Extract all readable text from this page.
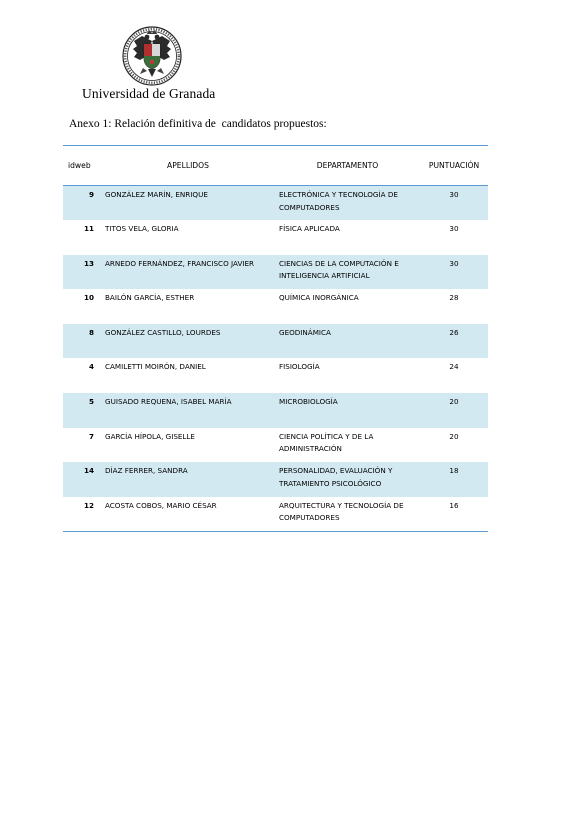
Universidad de Granada
Anexo 1: Relación definitiva de  candidatos propuestos:
idweb	APELLIDOS	DEPARTAMENTO	PUNTUACIÓN
9	GONZÁLEZ MARÍN, ENRIQUE	ELECTRÓNICA Y TECNOLOGÍA DE COMPUTADORES	30
11	TITOS VELA, GLORIA	FÍSICA APLICADA	30
13	ARNEDO FERNÁNDEZ, FRANCISCO JAVIER	CIENCIAS DE LA COMPUTACIÓN E INTELIGENCIA ARTIFICIAL	30
10	BAILÓN GARCÍA, ESTHER	QUÍMICA INORGÁNICA	28
8	GONZÁLEZ CASTILLO, LOURDES	GEODINÁMICA	26
4	CAMILETTI MOIRÓN, DANIEL	FISIOLOGÍA	24
5	GUISADO REQUENA, ISABEL MARÍA	MICROBIOLOGÍA	20
7	GARCÍA HÍPOLA, GISELLE	CIENCIA POLÍTICA Y DE LA ADMINISTRACIÓN	20
14	DÍAZ FERRER, SANDRA	PERSONALIDAD, EVALUACIÓN Y TRATAMIENTO PSICOLÓGICO	18
12	ACOSTA COBOS, MARIO CÉSAR	ARQUITECTURA Y TECNOLOGÍA DE COMPUTADORES	16
